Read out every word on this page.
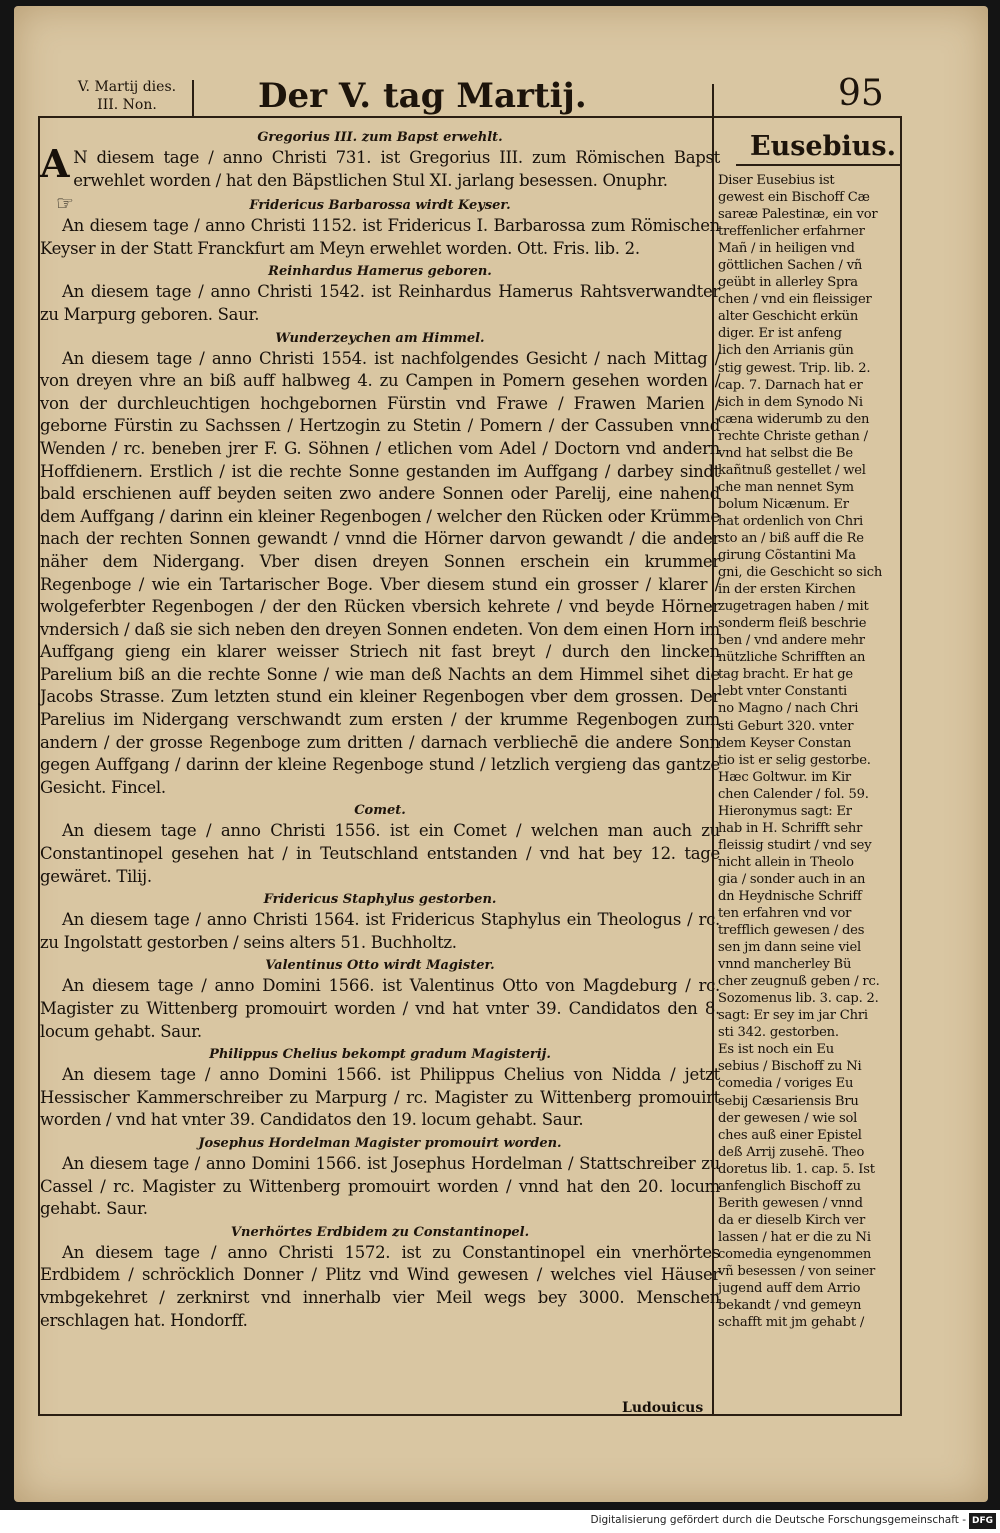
V. Martij dies.
III. Non.	Der V. tag Martij.	95
Eusebius.

Gregorius III. zum Bapst erwehlt.

A N diesem tage / anno Christi 731. ist Gregorius III. zum Römischen Bapst erwehlet worden / hat den Bäpstlichen Stul XI. jarlang besessen. Onuphr.

☞	Fridericus Barbarossa wirdt Keyser.

An diesem tage / anno Christi 1152. ist Fridericus I. Barbarossa zum Römischen Keyser in der Statt Franckfurt am Meyn erwehlet worden. Ott. Fris. lib. 2.

Reinhardus Hamerus geboren.

An diesem tage / anno Christi 1542. ist Reinhardus Hamerus Rahtsverwandter zu Marpurg geboren. Saur.

Wunderzeychen am Himmel.

An diesem tage / anno Christi 1554. ist nachfolgendes Gesicht / nach Mittag / von dreyen vhre an biß auff halbweg 4. zu Campen in Pomern gesehen worden / von der durchleuchtigen hochgebornen Fürstin vnd Frawe / Frawen Marien / geborne Fürstin zu Sachssen / Hertzogin zu Stetin / Pomern / der Cassuben vnnd Wenden / rc. beneben jrer F. G. Söhnen / etlichen vom Adel / Doctorn vnd andern Hoffdienern. Erstlich / ist die rechte Sonne gestanden im Auffgang / darbey sindt bald erschienen auff beyden seiten zwo andere Sonnen oder Parelij, eine nahend dem Auffgang / darinn ein kleiner Regenbogen / welcher den Rücken oder Krümme nach der rechten Sonnen gewandt / vnnd die Hörner darvon gewandt / die ander näher dem Nidergang. Vber disen dreyen Sonnen erschein ein krummer Regenboge / wie ein Tartarischer Boge. Vber diesem stund ein grosser / klarer / wolgeferbter Regenbogen / der den Rücken vbersich kehrete / vnd beyde Hörner vndersich / daß sie sich neben den dreyen Sonnen endeten. Von dem einen Horn im Auffgang gieng ein klarer weisser Striech nit fast breyt / durch den lincken Parelium biß an die rechte Sonne / wie man deß Nachts an dem Himmel sihet die Jacobs Strasse. Zum letzten stund ein kleiner Regenbogen vber dem grossen. Der Parelius im Nidergang verschwandt zum ersten / der krumme Regenbogen zum andern / der grosse Regenboge zum dritten / darnach verbliechē die andere Sonn gegen Auffgang / darinn der kleine Regenboge stund / letzlich vergieng das gantze Gesicht. Fincel.

Comet.

An diesem tage / anno Christi 1556. ist ein Comet / welchen man auch zu Constantinopel gesehen hat / in Teutschland entstanden / vnd hat bey 12. tage gewäret. Tilij.

Fridericus Staphylus gestorben.

An diesem tage / anno Christi 1564. ist Fridericus Staphylus ein Theologus / rc. zu Ingolstatt gestorben / seins alters 51. Buchholtz.

Valentinus Otto wirdt Magister.

An diesem tage / anno Domini 1566. ist Valentinus Otto von Magdeburg / rc. Magister zu Wittenberg promouirt worden / vnd hat vnter 39. Candidatos den 8. locum gehabt. Saur.

Philippus Chelius bekompt gradum Magisterij.

An diesem tage / anno Domini 1566. ist Philippus Chelius von Nidda / jetzt Hessischer Kammerschreiber zu Marpurg / rc. Magister zu Wittenberg promouirt worden / vnd hat vnter 39. Candidatos den 19. locum gehabt. Saur.

Josephus Hordelman Magister promouirt worden.

An diesem tage / anno Domini 1566. ist Josephus Hordelman / Stattschreiber zu Cassel / rc. Magister zu Wittenberg promouirt worden / vnnd hat den 20. locum gehabt. Saur.

Vnerhörtes Erdbidem zu Constantinopel.

An diesem tage / anno Christi 1572. ist zu Constantinopel ein vnerhörtes Erdbidem / schröcklich Donner / Plitz vnd Wind gewesen / welches viel Häuser vmbgekehret / zerknirst vnd innerhalb vier Meil wegs bey 3000. Menschen erschlagen hat. Hondorff.

Diser Eusebius ist

gewest ein Bischoff Cæ

sareæ Palestinæ, ein vor

treffenlicher erfahrner

Mañ / in heiligen vnd

göttlichen Sachen / vñ

geübt in allerley Spra

chen / vnd ein fleissiger

alter Geschicht erkün

diger. Er ist anfeng

lich den Arrianis gün

stig gewest. Trip. lib. 2.

cap. 7. Darnach hat er

sich in dem Synodo Ni

cæna widerumb zu den

rechte Christe gethan /

vnd hat selbst die Be

kañtnuß gestellet / wel

che man nennet Sym

bolum Nicænum. Er

hat ordenlich von Chri

sto an / biß auff die Re

girung Cõstantini Ma

gni, die Geschicht so sich

in der ersten Kirchen

zugetragen haben / mit

sonderm fleiß beschrie

ben / vnd andere mehr

nützliche Schrifften an

tag bracht. Er hat ge

lebt vnter Constanti

no Magno / nach Chri

sti Geburt 320. vnter

dem Keyser Constan

tio ist er selig gestorbe.

Hæc Goltwur. im Kir

chen Calender / fol. 59.

Hieronymus sagt: Er

hab in H. Schrifft sehr

fleissig studirt / vnd sey

nicht allein in Theolo

gia / sonder auch in an

dn Heydnische Schriff

ten erfahren vnd vor

trefflich gewesen / des

sen jm dann seine viel

vnnd mancherley Bü

cher zeugnuß geben / rc.

Sozomenus lib. 3. cap. 2.

sagt: Er sey im jar Chri

sti 342. gestorben.

Es ist noch ein Eu

sebius / Bischoff zu Ni

comedia / voriges Eu

sebij Cæsariensis Bru

der gewesen / wie sol

ches auß einer Epistel

deß Arrij zusehē. Theo

doretus lib. 1. cap. 5. Ist

anfenglich Bischoff zu

Berith gewesen / vnnd

da er dieselb Kirch ver

lassen / hat er die zu Ni

comedia eyngenommen

vñ besessen / von seiner

jugend auff dem Arrio

bekandt / vnd gemeyn

schafft mit jm gehabt /

Ludouicus
Digitalisierung gefördert durch die Deutsche Forschungsgemeinschaft - DFG
